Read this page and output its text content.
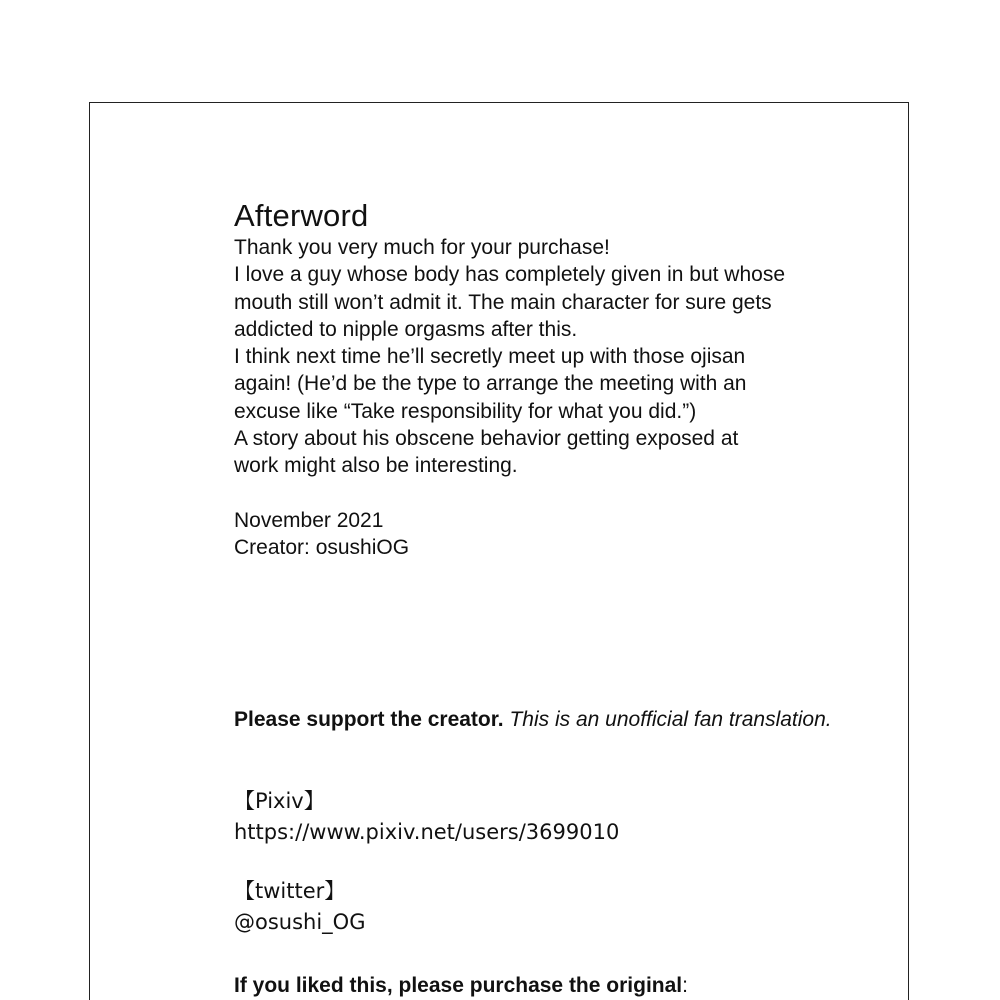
Afterword
Thank you very much for your purchase!
I love a guy whose body has completely given in but whose
mouth still won’t admit it. The main character for sure gets
addicted to nipple orgasms after this.
I think next time he’ll secretly meet up with those ojisan
again! (He’d be the type to arrange the meeting with an
excuse like “Take responsibility for what you did.”)
A story about his obscene behavior getting exposed at
work might also be interesting.

November 2021
Creator: osushiOG
Please support the creator. This is an unofficial fan translation.
【Pixiv】
https://www.pixiv.net/users/3699010
【twitter】
@osushi_OG
If you liked this, please purchase the original:
